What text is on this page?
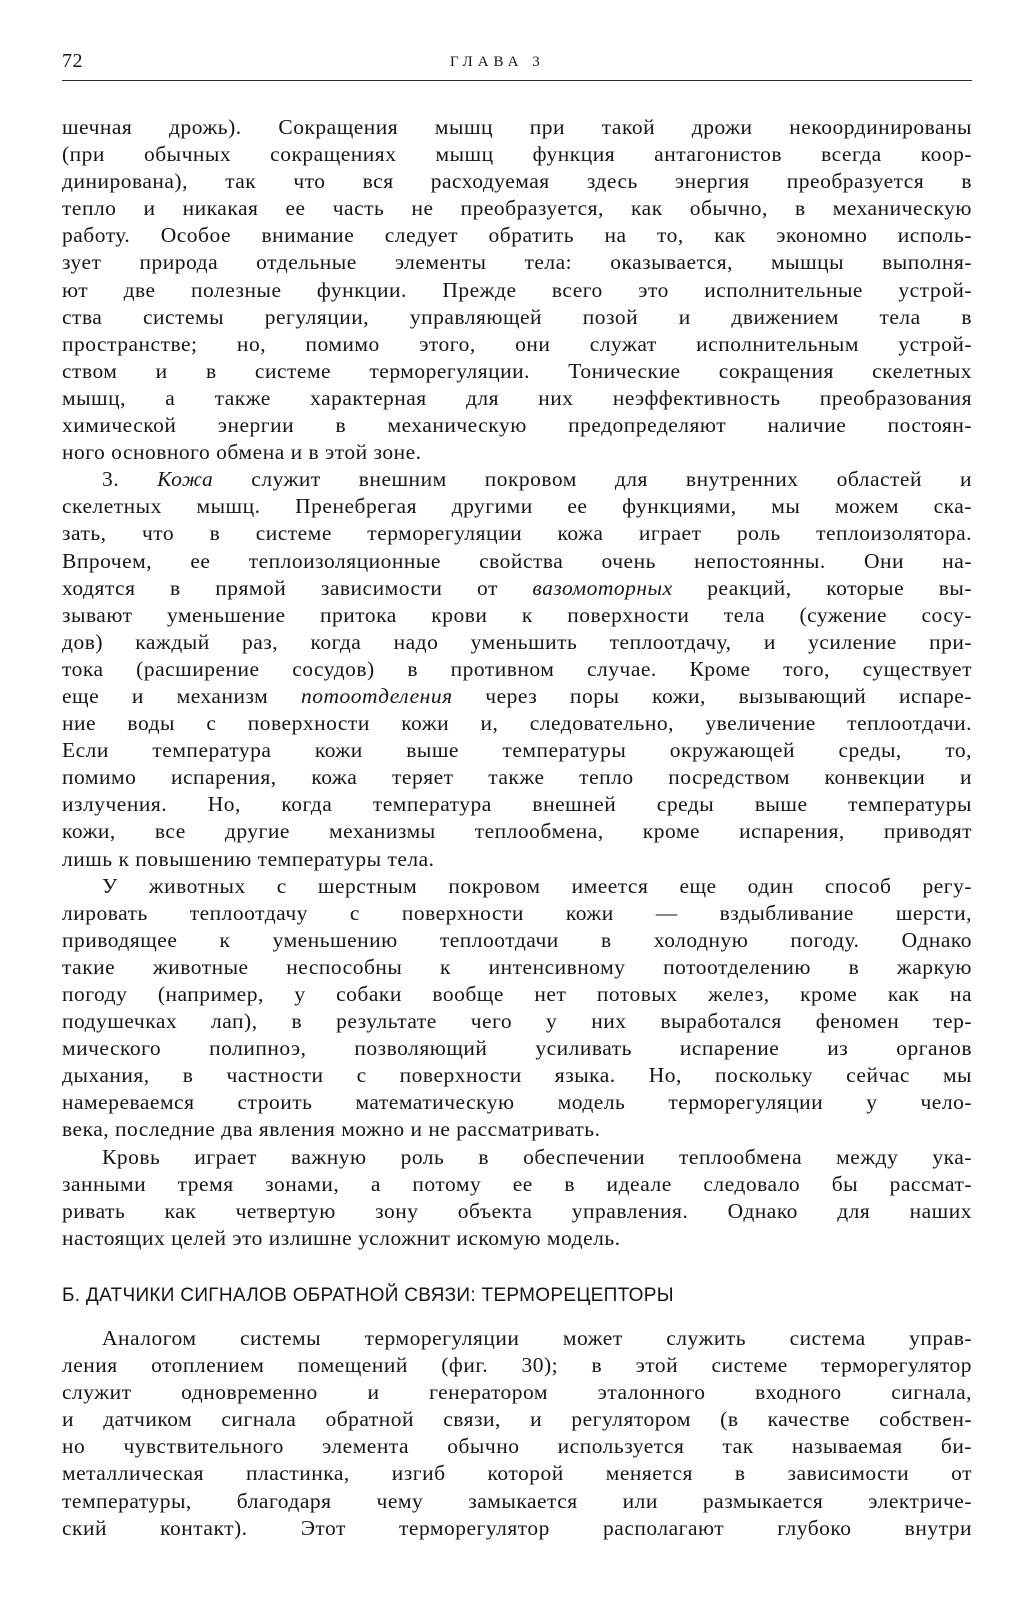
72	ГЛАВА 3
шечная дрожь). Сокращения мышц при такой дрожи некоординированы
(при обычных сокращениях мышц функция антагонистов всегда коор-
динирована), так что вся расходуемая здесь энергия преобразуется в
тепло и никакая ее часть не преобразуется, как обычно, в механическую
работу. Особое внимание следует обратить на то, как экономно исполь-
зует природа отдельные элементы тела: оказывается, мышцы выполня-
ют две полезные функции. Прежде всего это исполнительные устрой-
ства системы регуляции, управляющей позой и движением тела в
пространстве; но, помимо этого, они служат исполнительным устрой-
ством и в системе терморегуляции. Тонические сокращения скелетных
мышц, а также характерная для них неэффективность преобразования
химической энергии в механическую предопределяют наличие постоян-
ного основного обмена и в этой зоне.
3. Кожа служит внешним покровом для внутренних областей и
скелетных мышц. Пренебрегая другими ее функциями, мы можем ска-
зать, что в системе терморегуляции кожа играет роль теплоизолятора.
Впрочем, ее теплоизоляционные свойства очень непостоянны. Они на-
ходятся в прямой зависимости от вазомоторных реакций, которые вы-
зывают уменьшение притока крови к поверхности тела (сужение сосу-
дов) каждый раз, когда надо уменьшить теплоотдачу, и усиление при-
тока (расширение сосудов) в противном случае. Кроме того, существует
еще и механизм потоотделения через поры кожи, вызывающий испаре-
ние воды с поверхности кожи и, следовательно, увеличение теплоотдачи.
Если температура кожи выше температуры окружающей среды, то,
помимо испарения, кожа теряет также тепло посредством конвекции и
излучения. Но, когда температура внешней среды выше температуры
кожи, все другие механизмы теплообмена, кроме испарения, приводят
лишь к повышению температуры тела.
У животных с шерстным покровом имеется еще один способ регу-
лировать теплоотдачу с поверхности кожи — вздыбливание шерсти,
приводящее к уменьшению теплоотдачи в холодную погоду. Однако
такие животные неспособны к интенсивному потоотделению в жаркую
погоду (например, у собаки вообще нет потовых желез, кроме как на
подушечках лап), в результате чего у них выработался феномен тер-
мического полипноэ, позволяющий усиливать испарение из органов
дыхания, в частности с поверхности языка. Но, поскольку сейчас мы
намереваемся строить математическую модель терморегуляции у чело-
века, последние два явления можно и не рассматривать.
Кровь играет важную роль в обеспечении теплообмена между ука-
занными тремя зонами, а потому ее в идеале следовало бы рассмат-
ривать как четвертую зону объекта управления. Однако для наших
настоящих целей это излишне усложнит искомую модель.
Б. ДАТЧИКИ СИГНАЛОВ ОБРАТНОЙ СВЯЗИ: ТЕРМОРЕЦЕПТОРЫ
Аналогом системы терморегуляции может служить система управ-
ления отоплением помещений (фиг. 30); в этой системе терморегулятор
служит одновременно и генератором эталонного входного сигнала,
и датчиком сигнала обратной связи, и регулятором (в качестве собствен-
но чувствительного элемента обычно используется так называемая би-
металлическая пластинка, изгиб которой меняется в зависимости от
температуры, благодаря чему замыкается или размыкается электриче-
ский контакт). Этот терморегулятор располагают глубоко внутри
